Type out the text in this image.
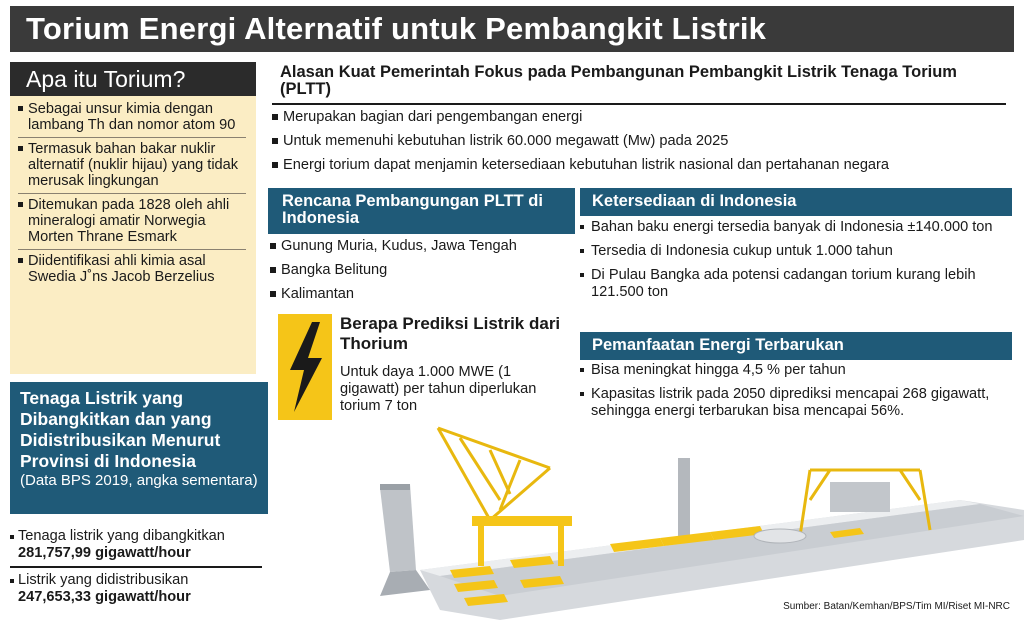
Torium Energi Alternatif untuk Pembangkit Listrik
Apa itu Torium?
Sebagai unsur kimia dengan lambang Th dan nomor atom 90
Termasuk bahan bakar nuklir alternatif (nuklir hijau) yang tidak merusak lingkungan
Ditemukan pada 1828 oleh ahli mineralogi amatir Norwegia Morten Thrane Esmark
Diidentifikasi ahli kimia asal Swedia J˚ns Jacob Berzelius
Tenaga Listrik yang Dibangkitkan dan yang Didistribusikan Menurut Provinsi di Indonesia
(Data BPS 2019, angka sementara)
Tenaga listrik yang dibangkitkan
281,757,99 gigawatt/hour
Listrik yang didistribusikan
247,653,33 gigawatt/hour
Alasan Kuat Pemerintah Fokus pada Pembangunan Pembangkit Listrik Tenaga Torium (PLTT)
Merupakan bagian dari pengembangan energi
Untuk memenuhi kebutuhan listrik 60.000 megawatt (Mw) pada 2025
Energi torium dapat menjamin ketersediaan kebutuhan listrik nasional dan pertahanan negara
Rencana Pembangungan PLTT di Indonesia
Gunung Muria, Kudus, Jawa Tengah
Bangka Belitung
Kalimantan
Ketersediaan di Indonesia
Bahan baku energi tersedia banyak di Indonesia ±140.000 ton
Tersedia di Indonesia cukup untuk 1.000 tahun
Di Pulau Bangka ada potensi cadangan torium kurang lebih 121.500 ton
Pemanfaatan Energi Terbarukan
Bisa meningkat hingga 4,5 % per tahun
Kapasitas listrik pada 2050 diprediksi mencapai 268 gigawatt, sehingga energi terbarukan bisa mencapai 56%.
Berapa Prediksi Listrik dari Thorium
Untuk daya 1.000 MWE (1 gigawatt) per tahun diperlukan torium 7 ton
Sumber: Batan/Kemhan/BPS/Tim MI/Riset MI-NRC
